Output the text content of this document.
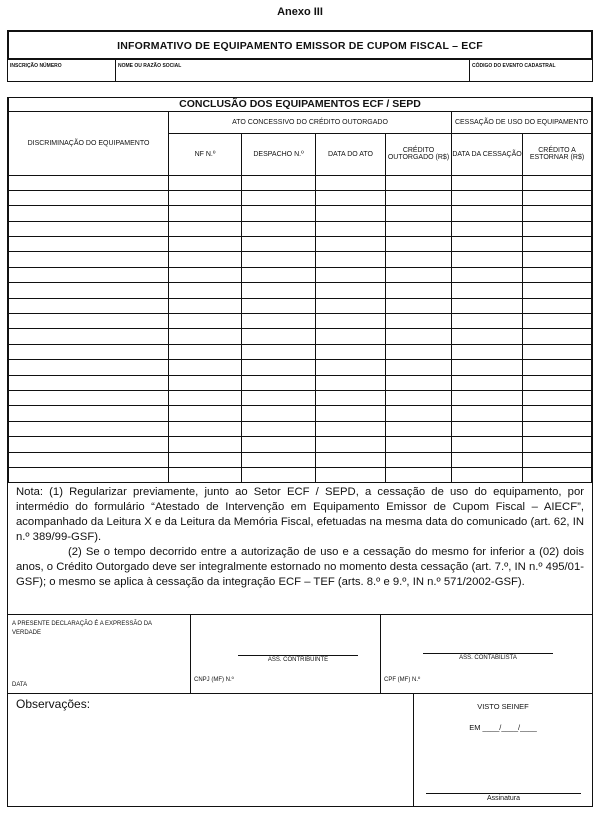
Anexo III
INFORMATIVO DE EQUIPAMENTO EMISSOR DE CUPOM FISCAL – ECF
INSCRIÇÃO NÚMERO	NOME OU RAZÃO SOCIAL	CÓDIGO DO EVENTO CADASTRAL
CONCLUSÃO DOS EQUIPAMENTOS ECF / SEPD						
DISCRIMINAÇÃO DO EQUIPAMENTO	ATO CONCESSIVO DO CRÉDITO OUTORGADO				CESSAÇÃO DE USO DO EQUIPAMENTO	
	NF N.º	DESPACHO N.º	DATA DO ATO	CRÉDITO OUTORGADO (R$)	DATA DA CESSAÇÃO	CRÉDITO A ESTORNAR (R$)

Nota: (1) Regularizar previamente, junto ao Setor ECF / SEPD, a cessação de uso do equipamento, por intermédio do formulário “Atestado de Intervenção em Equipamento Emissor de Cupom Fiscal – AIECF”, acompanhado da Leitura X e da Leitura da Memória Fiscal, efetuadas na mesma data do comunicado (art. 62, IN n.º 389/99-GSF).

(2) Se o tempo decorrido entre a autorização de uso e a cessação do mesmo for inferior a (02) dois anos, o Crédito Outorgado deve ser integralmente estornado no momento desta cessação (art. 7.º, IN n.º 495/01-GSF); o mesmo se aplica à cessação da integração ECF – TEF (arts. 8.º e 9.º, IN n.º 571/2002-GSF).

A PRESENTE DECLARAÇÃO É A EXPRESSÃO DA VERDADE
DATA
ASS. CONTRIBUINTE
CNPJ (MF) N.º
ASS. CONTABILISTA
CPF (MF) N.º
Observações:	VISTO SEINEF
EM ____/____/____
Assinatura
